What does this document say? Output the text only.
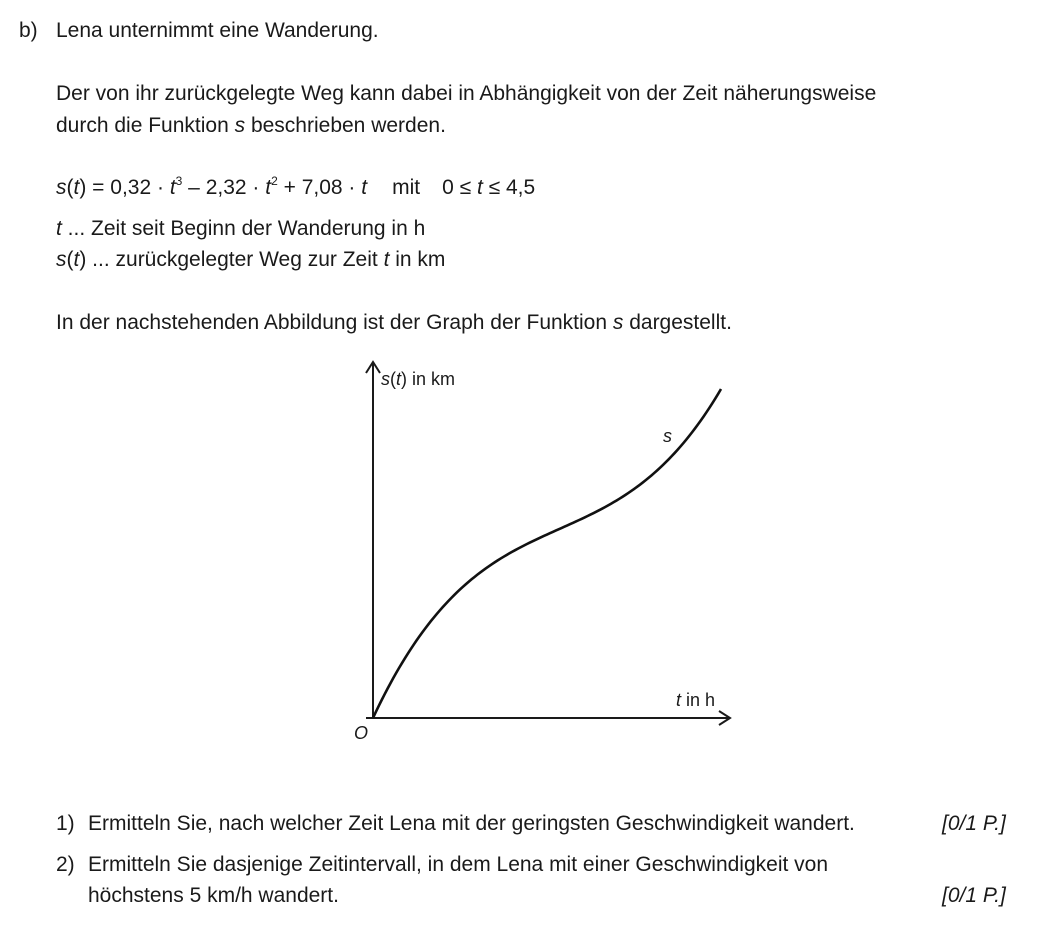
b) Lena unternimmt eine Wanderung.
Der von ihr zurückgelegte Weg kann dabei in Abhängigkeit von der Zeit näherungsweise
durch die Funktion s beschrieben werden.
$s(t) = 0,32 \cdot t^3 - 2,32 \cdot t^2 + 7,08 \cdot t$ mit 0 ≤ t ≤ 4,5
t ... Zeit seit Beginn der Wanderung in h
s(t) ... zurückgelegter Weg zur Zeit t in km
In der nachstehenden Abbildung ist der Graph der Funktion s dargestellt.
s(t) in km
t in h
O
s
1) Ermitteln Sie, nach welcher Zeit Lena mit der geringsten Geschwindigkeit wandert.	[0/1 P.]
2) Ermitteln Sie dasjenige Zeitintervall, in dem Lena mit einer Geschwindigkeit von
höchstens 5 km/h wandert.	[0/1 P.]
